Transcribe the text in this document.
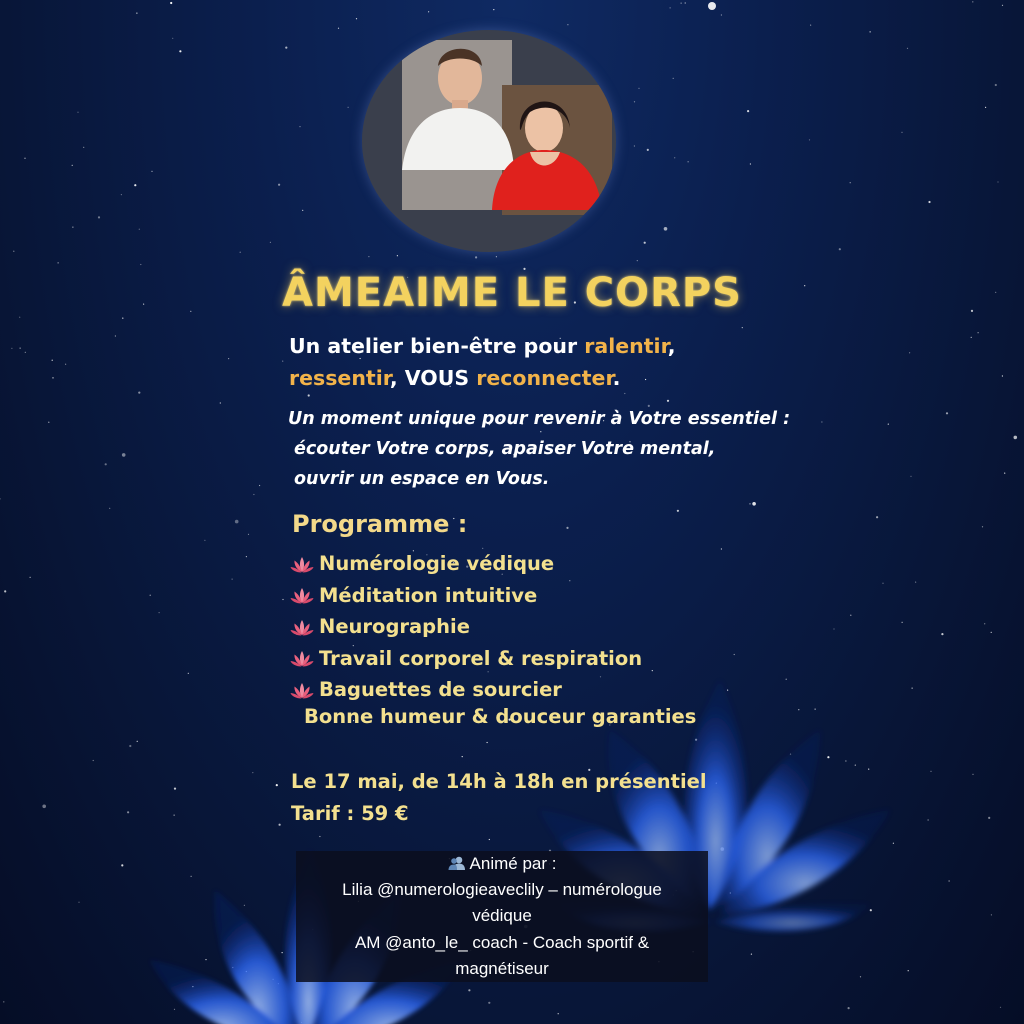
ÂMEAIME LE CORPS
Un atelier bien-être pour ralentir,
ressentir, VOUS reconnecter.
Un moment unique pour revenir à Votre essentiel :
écouter Votre corps, apaiser Votre mental,
ouvrir un espace en Vous.
Programme :
Numérologie védique
Méditation intuitive
Neurographie
Travail corporel & respiration
Baguettes de sourcier
Bonne humeur & douceur garanties
Le 17 mai, de 14h à 18h en présentiel
Tarif : 59 €
Animé par :
Lilia @numerologieaveclily – numérologue
védique
AM @anto_le_ coach - Coach sportif &
magnétiseur
